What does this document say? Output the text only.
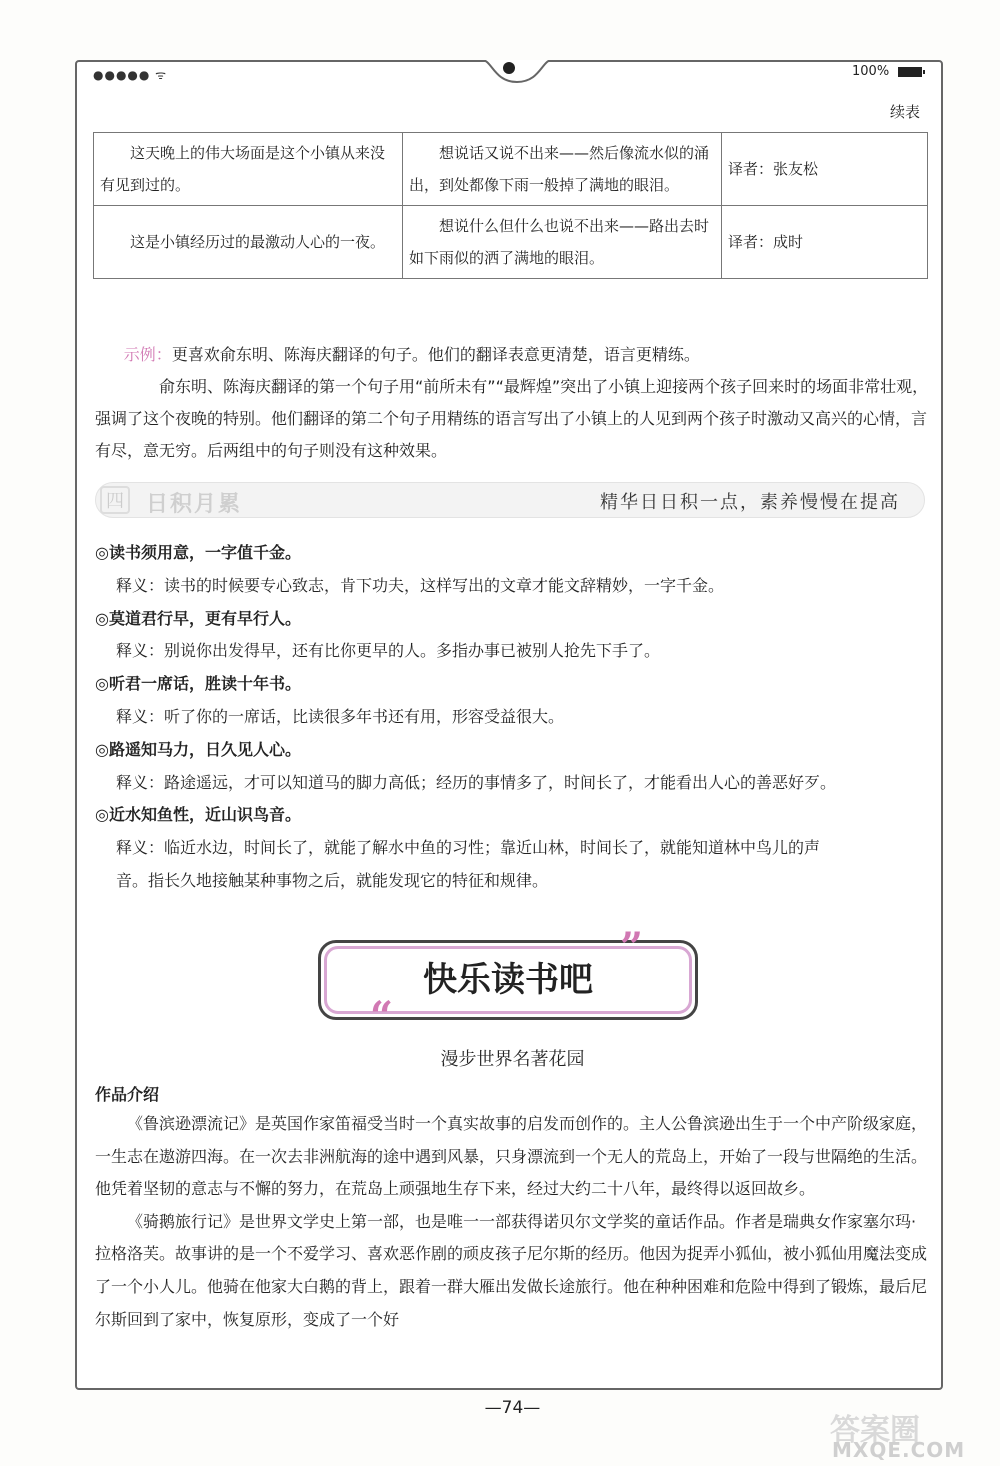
●●●●● ᯤ	100%
续表
这天晚上的伟大场面是这个小镇从来没有见到过的。	想说话又说不出来——然后像流水似的涌出，到处都像下雨一般掉了满地的眼泪。	译者：张友松

这是小镇经历过的最激动人心的一夜。	想说什么但什么也说不出来——路出去时如下雨似的洒了满地的眼泪。	译者：成时

示例：更喜欢俞东明、陈海庆翻译的句子。他们的翻译表意更清楚，语言更精练。

俞东明、陈海庆翻译的第一个句子用“前所未有”“最辉煌”突出了小镇上迎接两个孩子回来时的场面非常壮观，强调了这个夜晚的特别。他们翻译的第二个句子用精练的语言写出了小镇上的人见到两个孩子时激动又高兴的心情，言有尽，意无穷。后两组中的句子则没有这种效果。

四 日积月累	精华日日积一点，素养慢慢在提高
◎读书须用意，一字值千金。
释义：读书的时候要专心致志，肯下功夫，这样写出的文章才能文辞精妙，一字千金。
◎莫道君行早，更有早行人。
释义：别说你出发得早，还有比你更早的人。多指办事已被别人抢先下手了。
◎听君一席话，胜读十年书。
释义：听了你的一席话，比读很多年书还有用，形容受益很大。
◎路遥知马力，日久见人心。
释义：路途遥远，才可以知道马的脚力高低；经历的事情多了，时间长了，才能看出人心的善恶好歹。
◎近水知鱼性，近山识鸟音。
释义：临近水边，时间长了，就能了解水中鱼的习性；靠近山林，时间长了，就能知道林中鸟儿的声
音。指长久地接触某种事物之后，就能发现它的特征和规律。
快乐读书吧
”
“
漫步世界名著花园
作品介绍

《鲁滨逊漂流记》是英国作家笛福受当时一个真实故事的启发而创作的。主人公鲁滨逊出生于一个中产阶级家庭，一生志在遨游四海。在一次去非洲航海的途中遇到风暴，只身漂流到一个无人的荒岛上，开始了一段与世隔绝的生活。他凭着坚韧的意志与不懈的努力，在荒岛上顽强地生存下来，经过大约二十八年，最终得以返回故乡。

《骑鹅旅行记》是世界文学史上第一部，也是唯一一部获得诺贝尔文学奖的童话作品。作者是瑞典女作家塞尔玛·拉格洛芙。故事讲的是一个不爱学习、喜欢恶作剧的顽皮孩子尼尔斯的经历。他因为捉弄小狐仙，被小狐仙用魔法变成了一个小人儿。他骑在他家大白鹅的背上，跟着一群大雁出发做长途旅行。他在种种困难和危险中得到了锻炼，最后尼尔斯回到了家中，恢复原形，变成了一个好

—74—
答案圈
MXQE.COM
